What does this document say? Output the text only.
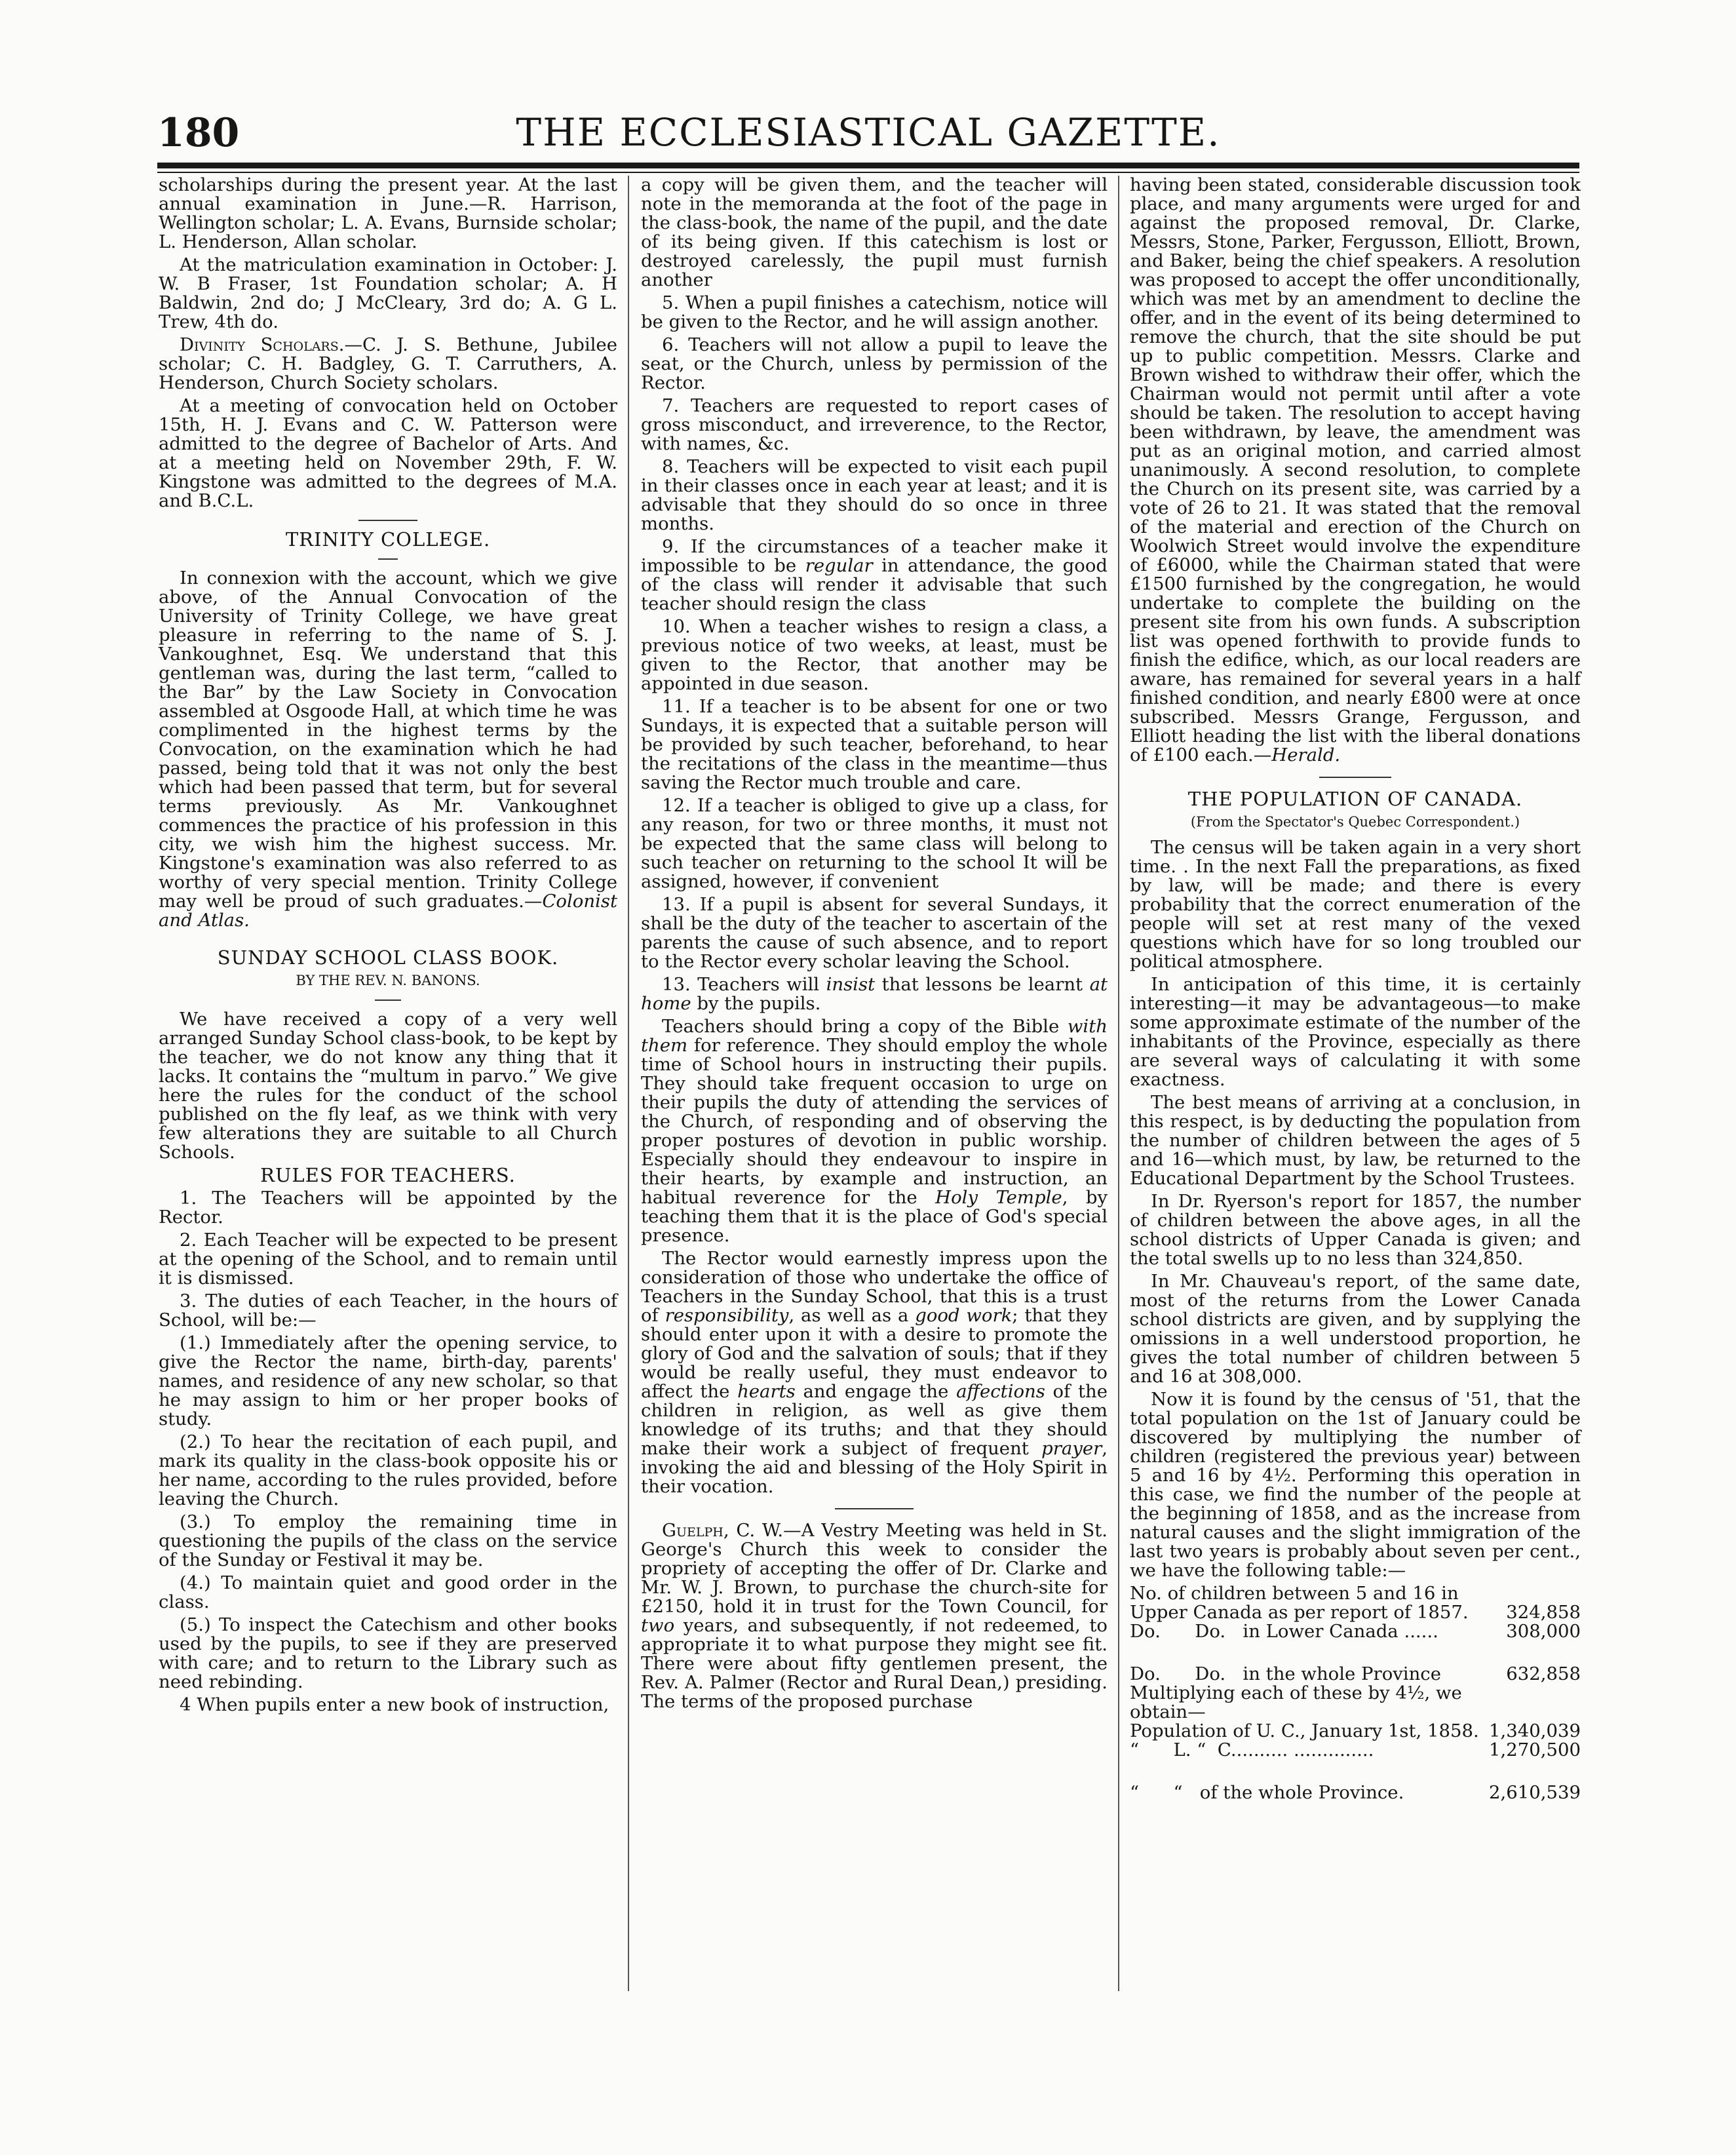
THE ECCLESIASTICAL GAZETTE.
180

scholarships during the present year. At the last annual examination in June.—R. Harrison, Wellington scholar; L. A. Evans, Burnside scholar; L. Henderson, Allan scholar.

At the matriculation examination in October: J. W. B Fraser, 1st Foundation scholar; A. H Baldwin, 2nd do; J McCleary, 3rd do; A. G L. Trew, 4th do.

Divinity Scholars.—C. J. S. Bethune, Jubilee scholar; C. H. Badgley, G. T. Carruthers, A. Henderson, Church Society scholars.

At a meeting of convocation held on October 15th, H. J. Evans and C. W. Patterson were admitted to the degree of Bachelor of Arts. And at a meeting held on November 29th, F. W. Kingstone was admitted to the degrees of M.A. and B.C.L.

TRINITY COLLEGE.

In connexion with the account, which we give above, of the Annual Convocation of the University of Trinity College, we have great pleasure in referring to the name of S. J. Vankoughnet, Esq. We understand that this gentleman was, during the last term, “called to the Bar” by the Law Society in Convocation assembled at Osgoode Hall, at which time he was complimented in the highest terms by the Convocation, on the examination which he had passed, being told that it was not only the best which had been passed that term, but for several terms previously. As Mr. Vankoughnet commences the practice of his profession in this city, we wish him the highest success. Mr. Kingstone's examination was also referred to as worthy of very special mention. Trinity College may well be proud of such graduates.—Colonist and Atlas.

SUNDAY SCHOOL CLASS BOOK.
BY THE REV. N. BANONS.

We have received a copy of a very well arranged Sunday School class-book, to be kept by the teacher, we do not know any thing that it lacks. It contains the “multum in parvo.” We give here the rules for the conduct of the school published on the fly leaf, as we think with very few alterations they are suitable to all Church Schools.

RULES FOR TEACHERS.

1. The Teachers will be appointed by the Rector.

2. Each Teacher will be expected to be present at the opening of the School, and to remain until it is dismissed.

3. The duties of each Teacher, in the hours of School, will be:—

(1.) Immediately after the opening service, to give the Rector the name, birth-day, parents' names, and residence of any new scholar, so that he may assign to him or her proper books of study.

(2.) To hear the recitation of each pupil, and mark its quality in the class-book opposite his or her name, according to the rules provided, before leaving the Church.

(3.) To employ the remaining time in questioning the pupils of the class on the service of the Sunday or Festival it may be.

(4.) To maintain quiet and good order in the class.

(5.) To inspect the Catechism and other books used by the pupils, to see if they are preserved with care; and to return to the Library such as need rebinding.

4 When pupils enter a new book of instruction,

a copy will be given them, and the teacher will note in the memoranda at the foot of the page in the class-book, the name of the pupil, and the date of its being given. If this catechism is lost or destroyed carelessly, the pupil must furnish another

5. When a pupil finishes a catechism, notice will be given to the Rector, and he will assign another.

6. Teachers will not allow a pupil to leave the seat, or the Church, unless by permission of the Rector.

7. Teachers are requested to report cases of gross misconduct, and irreverence, to the Rector, with names, &c.

8. Teachers will be expected to visit each pupil in their classes once in each year at least; and it is advisable that they should do so once in three months.

9. If the circumstances of a teacher make it impossible to be regular in attendance, the good of the class will render it advisable that such teacher should resign the class

10. When a teacher wishes to resign a class, a previous notice of two weeks, at least, must be given to the Rector, that another may be appointed in due season.

11. If a teacher is to be absent for one or two Sundays, it is expected that a suitable person will be provided by such teacher, beforehand, to hear the recitations of the class in the meantime—thus saving the Rector much trouble and care.

12. If a teacher is obliged to give up a class, for any reason, for two or three months, it must not be expected that the same class will belong to such teacher on returning to the school It will be assigned, however, if convenient

13. If a pupil is absent for several Sundays, it shall be the duty of the teacher to ascertain of the parents the cause of such absence, and to report to the Rector every scholar leaving the School.

13. Teachers will insist that lessons be learnt at home by the pupils.

Teachers should bring a copy of the Bible with them for reference. They should employ the whole time of School hours in instructing their pupils. They should take frequent occasion to urge on their pupils the duty of attending the services of the Church, of responding and of observing the proper postures of devotion in public worship. Especially should they endeavour to inspire in their hearts, by example and instruction, an habitual reverence for the Holy Temple, by teaching them that it is the place of God's special presence.

The Rector would earnestly impress upon the consideration of those who undertake the office of Teachers in the Sunday School, that this is a trust of responsibility, as well as a good work; that they should enter upon it with a desire to promote the glory of God and the salvation of souls; that if they would be really useful, they must endeavor to affect the hearts and engage the affections of the children in religion, as well as give them knowledge of its truths; and that they should make their work a subject of frequent prayer, invoking the aid and blessing of the Holy Spirit in their vocation.

Guelph, C. W.—A Vestry Meeting was held in St. George's Church this week to consider the propriety of accepting the offer of Dr. Clarke and Mr. W. J. Brown, to purchase the church-site for £2150, hold it in trust for the Town Council, for two years, and subsequently, if not redeemed, to appropriate it to what purpose they might see fit. There were about fifty gentlemen present, the Rev. A. Palmer (Rector and Rural Dean,) presiding. The terms of the proposed purchase

having been stated, considerable discussion took place, and many arguments were urged for and against the proposed removal, Dr. Clarke, Messrs, Stone, Parker, Fergusson, Elliott, Brown, and Baker, being the chief speakers. A resolution was proposed to accept the offer unconditionally, which was met by an amendment to decline the offer, and in the event of its being determined to remove the church, that the site should be put up to public competition. Messrs. Clarke and Brown wished to withdraw their offer, which the Chairman would not permit until after a vote should be taken. The resolution to accept having been withdrawn, by leave, the amendment was put as an original motion, and carried almost unanimously. A second resolution, to complete the Church on its present site, was carried by a vote of 26 to 21. It was stated that the removal of the material and erection of the Church on Woolwich Street would involve the expenditure of £6000, while the Chairman stated that were £1500 furnished by the congregation, he would undertake to complete the building on the present site from his own funds. A subscription list was opened forthwith to provide funds to finish the edifice, which, as our local readers are aware, has remained for several years in a half finished condition, and nearly £800 were at once subscribed. Messrs Grange, Fergusson, and Elliott heading the list with the liberal donations of £100 each.—Herald.

THE POPULATION OF CANADA.
(From the Spectator's Quebec Correspondent.)

The census will be taken again in a very short time. . In the next Fall the preparations, as fixed by law, will be made; and there is every probability that the correct enumeration of the people will set at rest many of the vexed questions which have for so long troubled our political atmosphere.

In anticipation of this time, it is certainly interesting—it may be advantageous—to make some approximate estimate of the number of the inhabitants of the Province, especially as there are several ways of calculating it with some exactness.

The best means of arriving at a conclusion, in this respect, is by deducting the population from the number of children between the ages of 5 and 16—which must, by law, be returned to the Educational Department by the School Trustees.

In Dr. Ryerson's report for 1857, the number of children between the above ages, in all the school districts of Upper Canada is given; and the total swells up to no less than 324,850.

In Mr. Chauveau's report, of the same date, most of the returns from the Lower Canada school districts are given, and by supplying the omissions in a well understood proportion, he gives the total number of children between 5 and 16 at 308,000.

Now it is found by the census of '51, that the total population on the 1st of January could be discovered by multiplying the number of children (registered the previous year) between 5 and 16 by 4½. Performing this operation in this case, we find the number of the people at the beginning of 1858, and as the increase from natural causes and the slight immigration of the last two years is probably about seven per cent., we have the following table:—

No. of children between 5 and 16 in	
Upper Canada as per report of 1857.	324,858
Do.      Do.   in Lower Canada ......	308,000
Do.      Do.   in the whole Province	632,858
Multiplying each of these by 4½, we	
obtain—	
Population of U. C., January 1st, 1858.	1,340,039
“      L. “  C.......... ..............	1,270,500
“      “   of the whole Province.	2,610,539
